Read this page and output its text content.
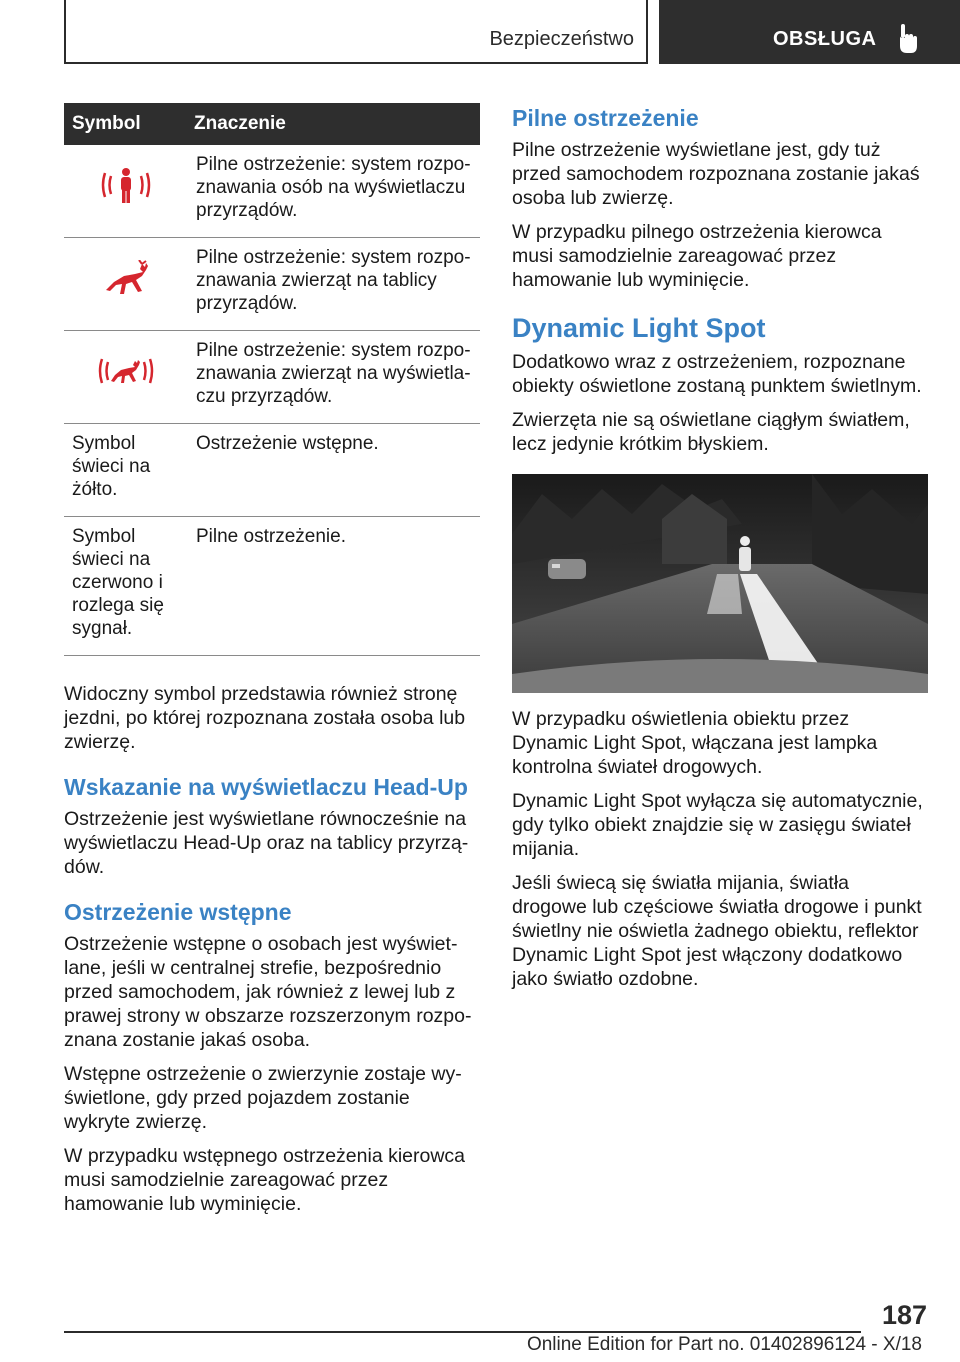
Bezpieczeństwo	OBSŁUGA
Symbol	Znaczenie
	Pilne ostrzeżenie: system rozpoznawania osób na wyświetlaczu przyrządów.
	Pilne ostrzeżenie: system rozpoznawania zwierząt na tablicy przyrządów.
	Pilne ostrzeżenie: system rozpoznawania zwierząt na wyświetlaczu przyrządów.
Symbol świeci na żółto.	Ostrzeżenie wstępne.
Symbol świeci na czerwono i rozlega się sygnał.	Pilne ostrzeżenie.

Widoczny symbol przedstawia również stronę jezdni, po której rozpoznana została osoba lub zwierzę.

Wskazanie na wyświetlaczu Head-Up

Ostrzeżenie jest wyświetlane równocześnie na wyświetlaczu Head-Up oraz na tablicy przyrządów.

Ostrzeżenie wstępne

Ostrzeżenie wstępne o osobach jest wyświetlane, jeśli w centralnej strefie, bezpośrednio przed samochodem, jak również z lewej lub z prawej strony w obszarze rozszerzonym rozpoznana zostanie jakaś osoba.

Wstępne ostrzeżenie o zwierzynie zostaje wyświetlone, gdy przed pojazdem zostanie wykryte zwierzę.

W przypadku wstępnego ostrzeżenia kierowca musi samodzielnie zareagować przez hamowanie lub wyminięcie.

Pilne ostrzeżenie

Pilne ostrzeżenie wyświetlane jest, gdy tuż przed samochodem rozpoznana zostanie jakaś osoba lub zwierzę.

W przypadku pilnego ostrzeżenia kierowca musi samodzielnie zareagować przez hamowanie lub wyminięcie.

Dynamic Light Spot

Dodatkowo wraz z ostrzeżeniem, rozpoznane obiekty oświetlone zostaną punktem świetlnym.

Zwierzęta nie są oświetlane ciągłym światłem, lecz jedynie krótkim błyskiem.

W przypadku oświetlenia obiektu przez Dynamic Light Spot, włączana jest lampka kontrolna świateł drogowych.

Dynamic Light Spot wyłącza się automatycznie, gdy tylko obiekt znajdzie się w zasięgu świateł mijania.

Jeśli świecą się światła mijania, światła drogowe lub częściowe światła drogowe i punkt świetlny nie oświetla żadnego obiektu, reflektor Dynamic Light Spot jest włączony dodatkowo jako światło ozdobne.

187
Online Edition for Part no. 01402896124 - X/18
